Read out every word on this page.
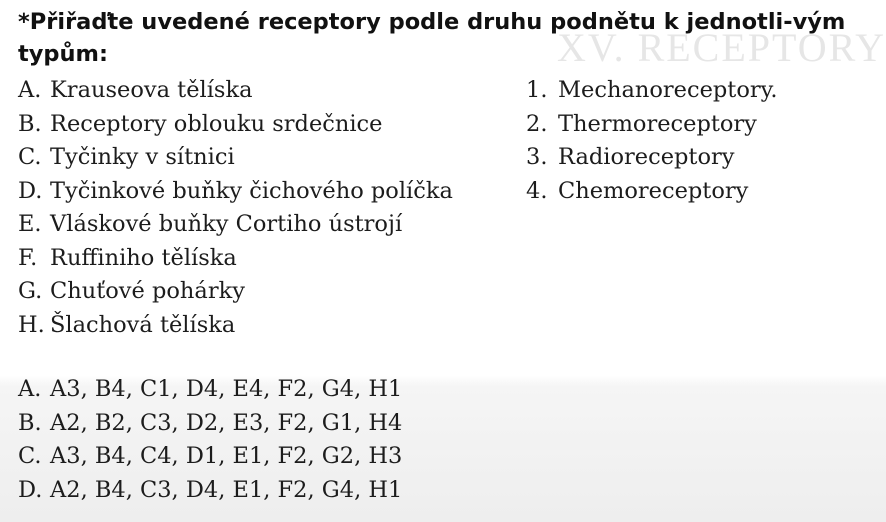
XV. RECEPTORY
*Přiřaďte uvedené receptory podle druhu podnětu k jednotli-vým typům:
A. Krauseova tělíska
B. Receptory oblouku srdečnice
C. Tyčinky v sítnici
D. Tyčinkové buňky čichového políčka
E. Vláskové buňky Cortiho ústrojí
F. Ruffiniho tělíska
G. Chuťové pohárky
H. Šlachová tělíska
1. Mechanoreceptory.
2. Thermoreceptory
3. Radioreceptory
4. Chemoreceptory
A. A3, B4, C1, D4, E4, F2, G4, H1
B. A2, B2, C3, D2, E3, F2, G1, H4
C. A3, B4, C4, D1, E1, F2, G2, H3
D. A2, B4, C3, D4, E1, F2, G4, H1
